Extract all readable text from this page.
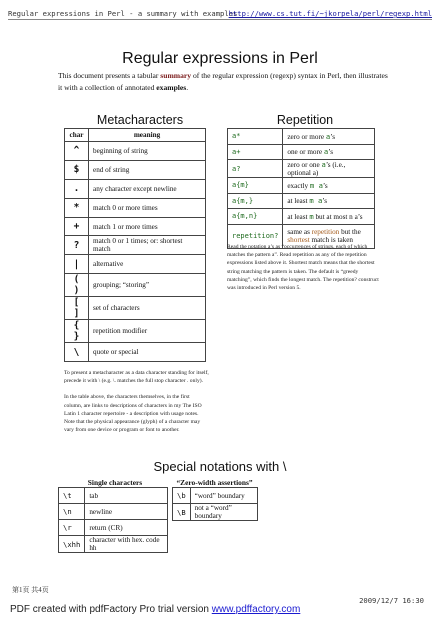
Regular expressions in Perl - a summary with examples
http://www.cs.tut.fi/~jkorpela/perl/regexp.html
Regular expressions in Perl
This document presents a tabular summary of the regular expression (regexp) syntax in Perl, then illustrates it with a collection of annotated examples.
Metacharacters	Repetition
char	meaning
^	beginning of string
$	end of string
.	any character except newline
*	match 0 or more times
+	match 1 or more times
?	match 0 or 1 times; or: shortest match
|	alternative
( )	grouping; “storing”
[ ]	set of characters
{ }	repetition modifier
\	quote or special
a*	zero or more a’s
a+	one or more a’s
a?	zero or one a’s (i.e., optional a)
a{m}	exactly m a’s
a{m,}	at least m a’s
a{m,n}	at least m but at most n a’s
repetition?	same as repetition but the shortest match is taken
Read the notation a’s as “occurrences of strings, each of which matches the pattern a”. Read repetition as any of the repetition expressions listed above it. Shortest match means that the shortest string matching the pattern is taken. The default is “greedy matching”, which finds the longest match. The repetition? construct was introduced in Perl version 5.

To present a metacharacter as a data character standing for itself, precede it with \ (e.g. \. matches the full stop character . only).

In the table above, the characters themselves, in the first column, are links to descriptions of characters in my The ISO Latin 1 character repertoire - a description with usage notes. Note that the physical appearance (glyph) of a character may vary from one device or program or font to another.

Special notations with \
Single characters	“Zero-width assertions”
\t	tab
\n	newline
\r	return (CR)
\xhh	character with hex. code hh
\b	“word” boundary
\B	not a “word” boundary
第1页 共4页
2009/12/7 16:30
PDF created with pdfFactory Pro trial version www.pdffactory.com
